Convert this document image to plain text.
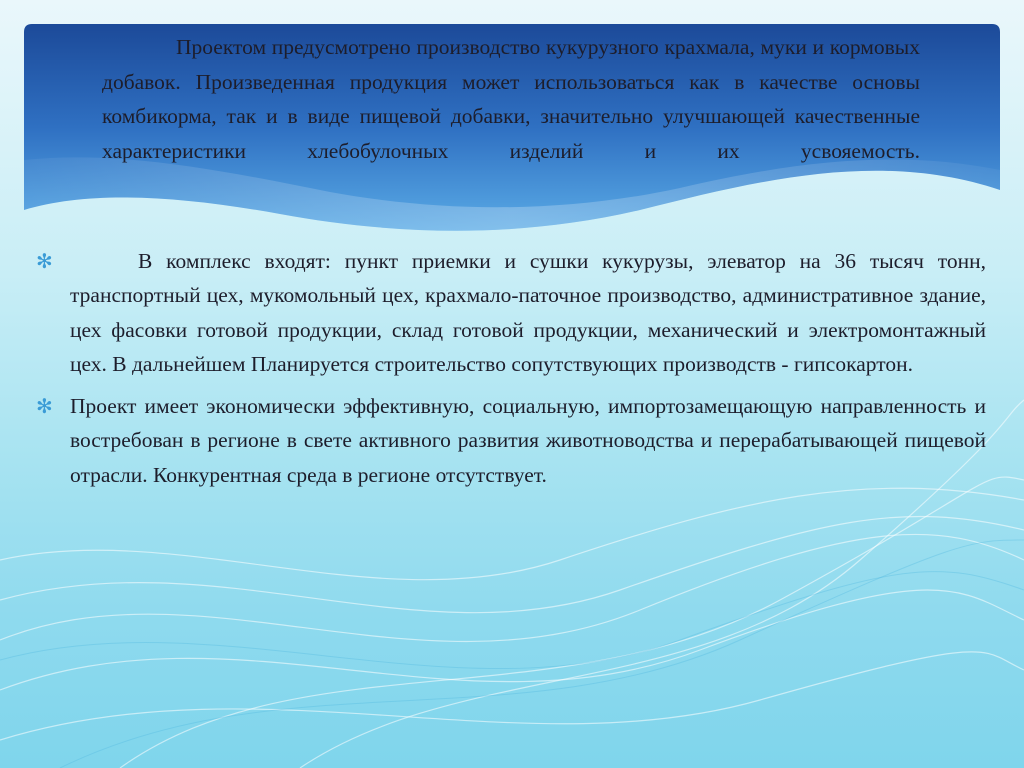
Проектом предусмотрено производство кукурузного крахмала, муки и кормовых добавок. Произведенная продукция может использоваться как в качестве основы комбикорма, так и в виде пищевой добавки, значительно улучшающей качественные характеристики хлебобулочных изделий и их усвояемость.

✻	В комплекс входят: пункт приемки и сушки кукурузы, элеватор на 36 тысяч тонн, транспортный цех, мукомольный цех, крахмало-паточное производство, административное здание, цех фасовки готовой продукции, склад готовой продукции, механический и электромонтажный цех. В дальнейшем Планируется строительство сопутствующих производств - гипсокартон.
✻ Проект имеет экономически эффективную, социальную, импортозамещающую направленность и востребован в регионе в свете активного развития животноводства и перерабатывающей пищевой отрасли. Конкурентная среда в регионе отсутствует.
